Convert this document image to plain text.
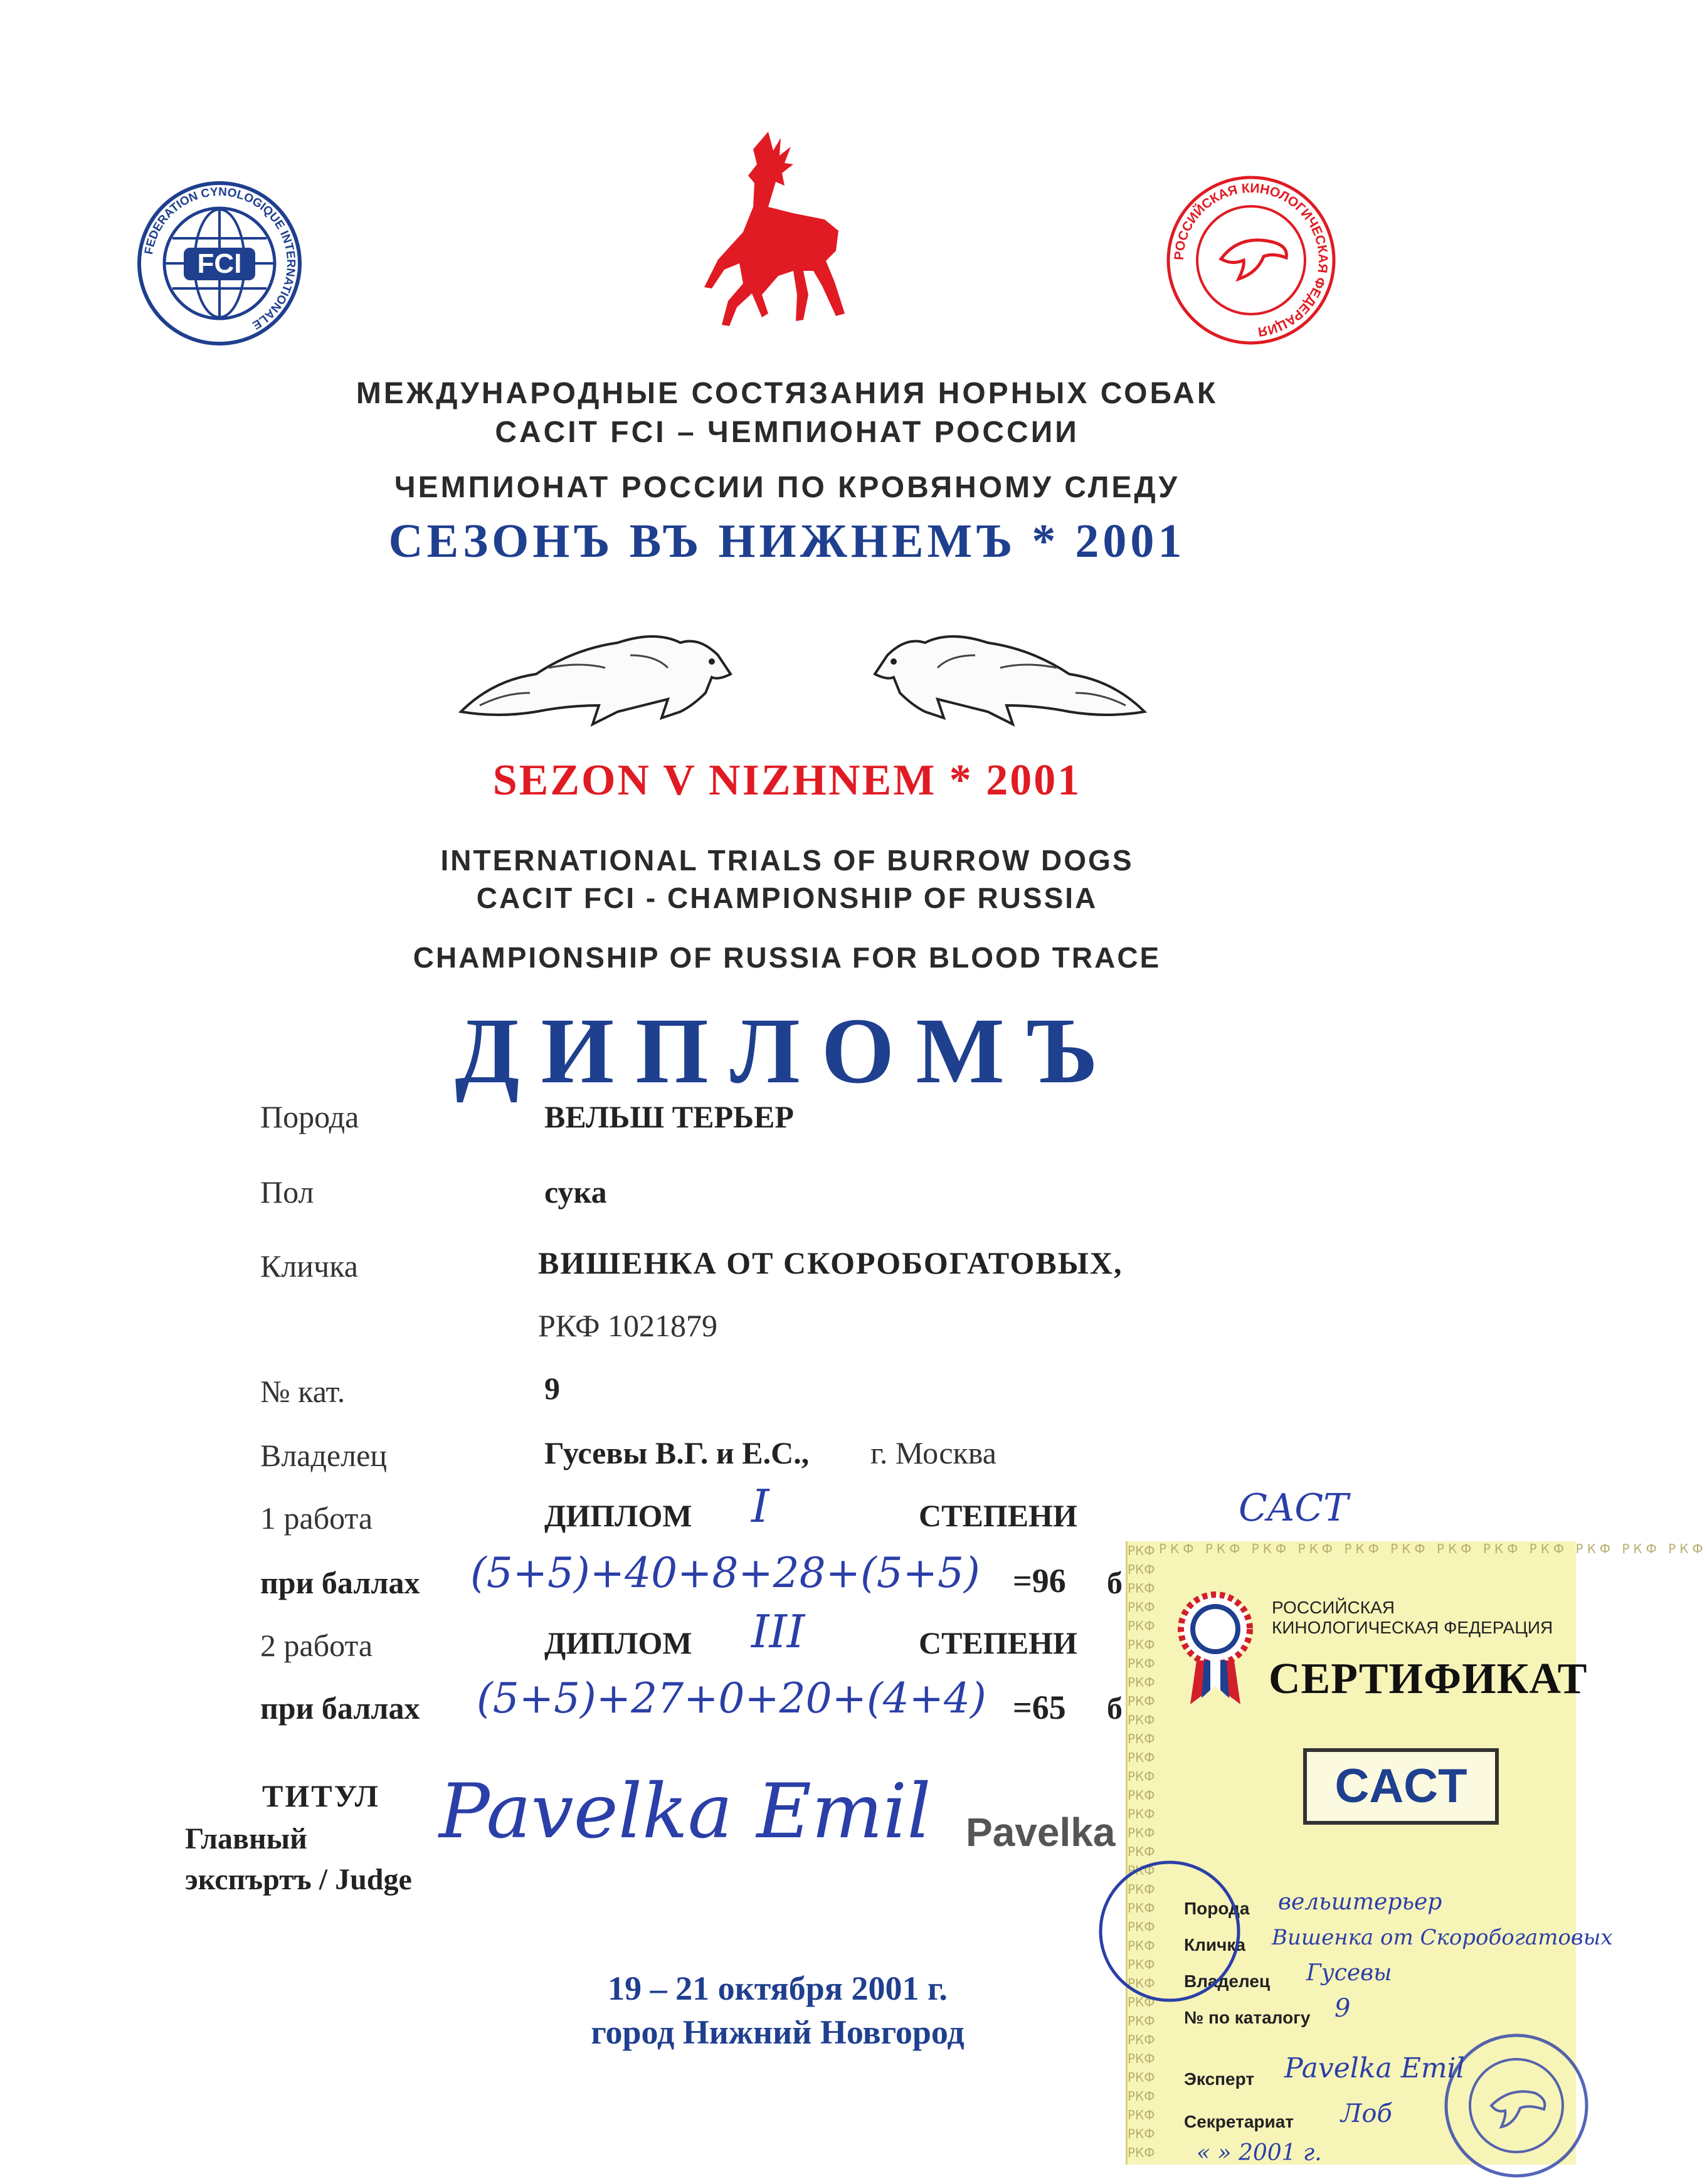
FCI
FEDERATION CYNOLOGIQUE INTERNATIONALE
РОССИЙСКАЯ КИНОЛОГИЧЕСКАЯ ФЕДЕРАЦИЯ
МЕЖДУНАРОДНЫЕ СОСТЯЗАНИЯ НОРНЫХ СОБАК
CACIT FCI – ЧЕМПИОНАТ РОССИИ
ЧЕМПИОНАТ РОССИИ ПО КРОВЯНОМУ СЛЕДУ
СЕЗОНЪ ВЪ НИЖНЕМЪ * 2001
SEZON V NIZHNEM * 2001
INTERNATIONAL TRIALS OF BURROW DOGS
CACIT FCI - CHAMPIONSHIP OF RUSSIA
CHAMPIONSHIP OF RUSSIA FOR BLOOD TRACE
ДИПЛОМЪ
Порода	ВЕЛЬШ ТЕРЬЕР
Пол	сука
Кличка	ВИШЕНКА ОТ СКОРОБОГАТОВЫХ,
РКФ 1021879
№ кат.	9
Владелец	Гусевы В.Г. и Е.С., г. Москва
1 работа	ДИПЛОМ I	СТЕПЕНИ	CACT
при баллах (5+5)+40+8+28+(5+5) =96 б
2 работа	ДИПЛОМ III	СТЕПЕНИ
при баллах (5+5)+27+0+20+(4+4) =65 б
ТИТУЛ
Главный
экспъртъ / Judge
Pavelka Emil Pavelka
19 – 21 октября 2001 г.
город Нижний Новгород
РКФ
РКФ
РКФ
РКФ
РКФ
РКФ
РКФ
РКФ
РКФ
РКФ
РКФ
РКФ
РКФ
РКФ
РКФ
РКФ
РКФ
РКФ
РКФ
РКФ
РКФ
РКФ
РКФ
РКФ
РКФ
РКФ
РКФ
РКФ
РКФ
РКФ
РКФ
РКФ
РКФ
РКФ РКФ РКФ РКФ РКФ РКФ РКФ РКФ РКФ РКФ РКФ РКФ
РОССИЙСКАЯ
КИНОЛОГИЧЕСКАЯ ФЕДЕРАЦИЯ
СЕРТИФИКАТ
CACT
Порода вельштерьер
Кличка Вишенка от Скоробогатовых
Владелец Гусевы
№ по каталогу 9
Эксперт Pavelka Emil
Секретариат Лоб
« » 2001 г.
